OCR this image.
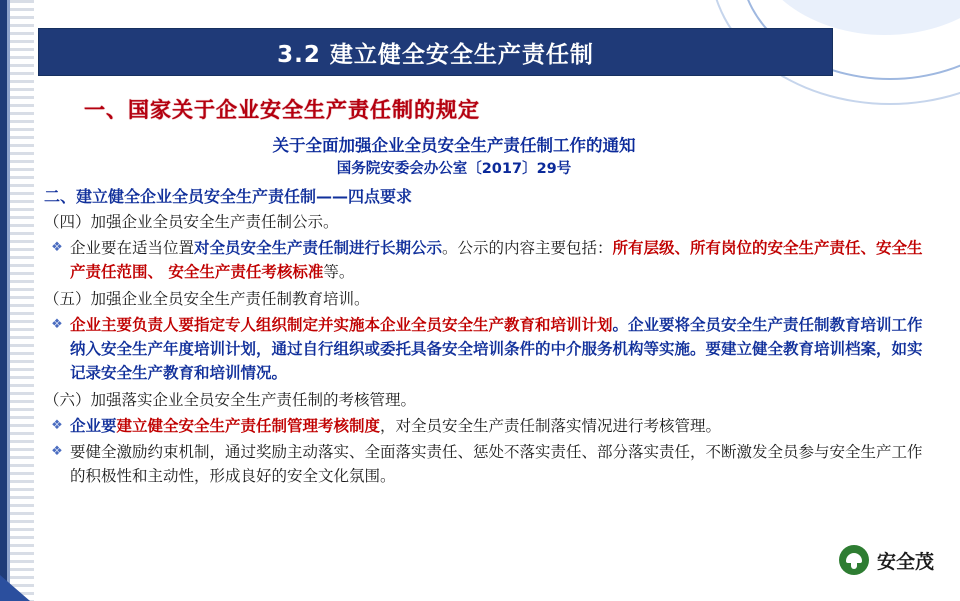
3.2 建立健全安全生产责任制
一、国家关于企业安全生产责任制的规定
关于全面加强企业全员安全生产责任制工作的通知
国务院安委会办公室〔2017〕29号
二、建立健全企业全员安全生产责任制——四点要求
（四）加强企业全员安全生产责任制公示。
❖ 企业要在适当位置对全员安全生产责任制进行长期公示。公示的内容主要包括：所有层级、所有岗位的安全生产责任、安全生产责任范围、 安全生产责任考核标准等。
（五）加强企业全员安全生产责任制教育培训。
❖ 企业主要负责人要指定专人组织制定并实施本企业全员安全生产教育和培训计划。企业要将全员安全生产责任制教育培训工作纳入安全生产年度培训计划，通过自行组织或委托具备安全培训条件的中介服务机构等实施。要建立健全教育培训档案，如实记录安全生产教育和培训情况。
（六）加强落实企业全员安全生产责任制的考核管理。
❖ 企业要建立健全安全生产责任制管理考核制度，对全员安全生产责任制落实情况进行考核管理。
❖ 要健全激励约束机制，通过奖励主动落实、全面落实责任、惩处不落实责任、部分落实责任，不断激发全员参与安全生产工作的积极性和主动性，形成良好的安全文化氛围。
安全茂
